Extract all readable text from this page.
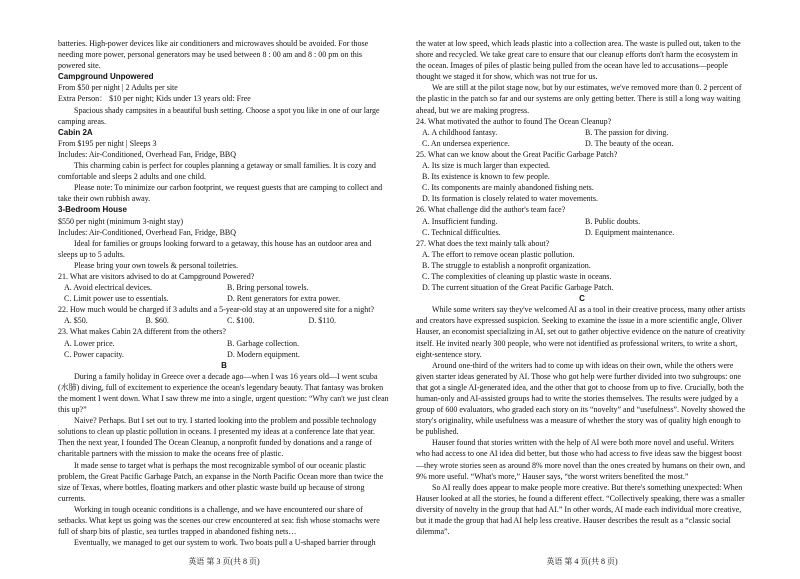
batteries. High-power devices like air conditioners and microwaves should be avoided. For those needing more power, personal generators may be used between 8 : 00 am and 8 : 00 pm on this powered site.

Campground Unpowered

From $50 per night | 2 Adults per site

Extra Person： $10 per night; Kids under 13 years old: Free

Spacious shady campsites in a beautiful bush setting. Choose a spot you like in one of our large camping areas.

Cabin 2A

From $195 per night | Sleeps 3

Includes: Air-Conditioned, Overhead Fan, Fridge, BBQ

This charming cabin is perfect for couples planning a getaway or small families. It is cozy and comfortable and sleeps 2 adults and one child.

Please note: To minimize our carbon footprint, we request guests that are camping to collect and take their own rubbish away.

3-Bedroom House

$550 per night (minimum 3-night stay)

Includes: Air-Conditioned, Overhead Fan, Fridge, BBQ

Ideal for families or groups looking forward to a getaway, this house has an outdoor area and sleeps up to 5 adults.

Please bring your own towels & personal toiletries.

21. What are visitors advised to do at Campground Powered?

A. Avoid electrical devices.	B. Bring personal towels.
C. Limit power use to essentials.	D. Rent generators for extra power.

22. How much would be charged if 3 adults and a 5-year-old stay at an unpowered site for a night?

A. $50.	B. $60.	C. $100.	D. $110.

23. What makes Cabin 2A different from the others?

A. Lower price.	B. Garbage collection.
C. Power capacity.	D. Modern equipment.

B

During a family holiday in Greece over a decade ago—when I was 16 years old—I went scuba (水肺) diving, full of excitement to experience the ocean's legendary beauty. That fantasy was broken the moment I went down. What I saw threw me into a single, urgent question: “Why can't we just clean this up?”

Naive? Perhaps. But I set out to try. I started looking into the problem and possible technology solutions to clean up plastic pollution in oceans. I presented my ideas at a conference late that year. Then the next year, I founded The Ocean Cleanup, a nonprofit funded by donations and a range of charitable partners with the mission to make the oceans free of plastic.

It made sense to target what is perhaps the most recognizable symbol of our oceanic plastic problem, the Great Pacific Garbage Patch, an expanse in the North Pacific Ocean more than twice the size of Texas, where bottles, floating markers and other plastic waste build up because of strong currents.

Working in tough oceanic conditions is a challenge, and we have encountered our share of setbacks. What kept us going was the scenes our crew encountered at sea: fish whose stomachs were full of sharp bits of plastic, sea turtles trapped in abandoned fishing nets…

Eventually, we managed to get our system to work. Two boats pull a U-shaped barrier through

the water at low speed, which leads plastic into a collection area. The waste is pulled out, taken to the shore and recycled. We take great care to ensure that our cleanup efforts don't harm the ecosystem in the ocean. Images of piles of plastic being pulled from the ocean have led to accusations—people thought we staged it for show, which was not true for us.

We are still at the pilot stage now, but by our estimates, we've removed more than 0. 2 percent of the plastic in the patch so far and our systems are only getting better. There is still a long way waiting ahead, but we are making progress.

24. What motivated the author to found The Ocean Cleanup?

A. A childhood fantasy.	B. The passion for diving.
C. An undersea experience.	D. The beauty of the ocean.

25. What can we know about the Great Pacific Garbage Patch?

A. Its size is much larger than expected.

B. Its existence is known to few people.

C. Its components are mainly abandoned fishing nets.

D. Its formation is closely related to water movements.

26. What challenge did the author's team face?

A. Insufficient funding.	B. Public doubts.
C. Technical difficulties.	D. Equipment maintenance.

27. What does the text mainly talk about?

A. The effort to remove ocean plastic pollution.

B. The struggle to establish a nonprofit organization.

C. The complexities of cleaning up plastic waste in oceans.

D. The current situation of the Great Pacific Garbage Patch.

C

While some writers say they've welcomed AI as a tool in their creative process, many other artists and creators have expressed suspicion. Seeking to examine the issue in a more scientific angle, Oliver Hauser, an economist specializing in AI, set out to gather objective evidence on the nature of creativity itself. He invited nearly 300 people, who were not identified as professional writers, to write a short, eight-sentence story.

Around one-third of the writers had to come up with ideas on their own, while the others were given starter ideas generated by AI. Those who got help were further divided into two subgroups: one that got a single AI-generated idea, and the other that got to choose from up to five. Crucially, both the human-only and AI-assisted groups had to write the stories themselves. The results were judged by a group of 600 evaluators, who graded each story on its “novelty” and “usefulness”. Novelty showed the story's originality, while usefulness was a measure of whether the story was of quality high enough to be published.

Hauser found that stories written with the help of AI were both more novel and useful. Writers who had access to one AI idea did better, but those who had access to five ideas saw the biggest boost—they wrote stories seen as around 8% more novel than the ones created by humans on their own, and 9% more useful. “What's more,” Hauser says, “the worst writers benefited the most.”

So AI really does appear to make people more creative. But there's something unexpected: When Hauser looked at all the stories, he found a different effect. “Collectively speaking, there was a smaller diversity of novelty in the group that had AI.” In other words, AI made each individual more creative, but it made the group that had AI help less creative. Hauser describes the result as a “classic social dilemma”.

英语 第 3 页(共 8 页)	英语 第 4 页(共 8 页)
